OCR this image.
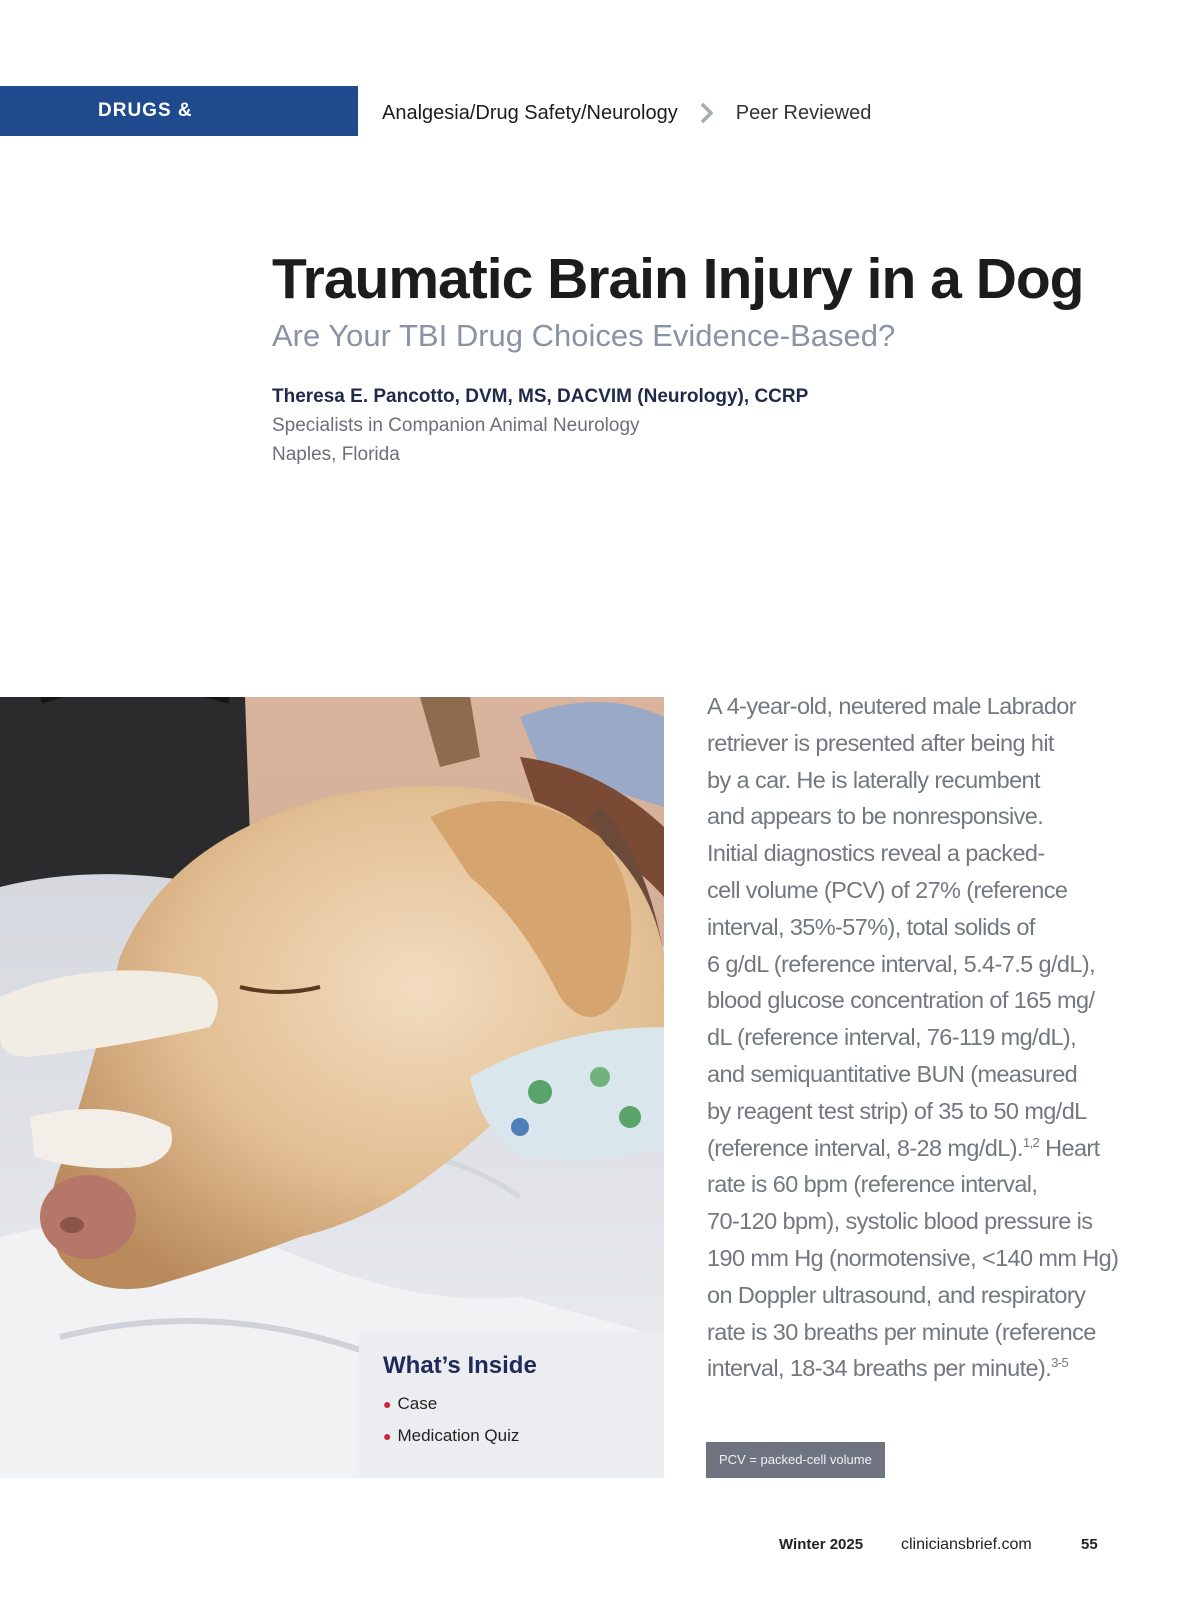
DRUGS & THERAPEUTICS
Analgesia/Drug Safety/Neurology	Peer Reviewed
Traumatic Brain Injury in a Dog
Are Your TBI Drug Choices Evidence-Based?
Theresa E. Pancotto, DVM, MS, DACVIM (Neurology), CCRP
Specialists in Companion Animal Neurology
Naples, Florida
What’s Inside
● Case
● Medication Quiz
A 4-year-old, neutered male Labrador
retriever is presented after being hit
by a car. He is laterally recumbent
and appears to be nonresponsive.
Initial diagnostics reveal a packed-
cell volume (PCV) of 27% (reference
interval, 35%-57%), total solids of
6 g/dL (reference interval, 5.4-7.5 g/dL),
blood glucose concentration of 165 mg/
dL (reference interval, 76-119 mg/dL),
and semiquantitative BUN (measured
by reagent test strip) of 35 to 50 mg/dL
(reference interval, 8-28 mg/dL).$^{1,2}$ Heart
rate is 60 bpm (reference interval,
70-120 bpm), systolic blood pressure is
190 mm Hg (normotensive, <140 mm Hg)
on Doppler ultrasound, and respiratory
rate is 30 breaths per minute (reference
interval, 18-34 breaths per minute).$^{3-5}$
PCV = packed-cell volume
Winter 2025 cliniciansbrief.com	55
